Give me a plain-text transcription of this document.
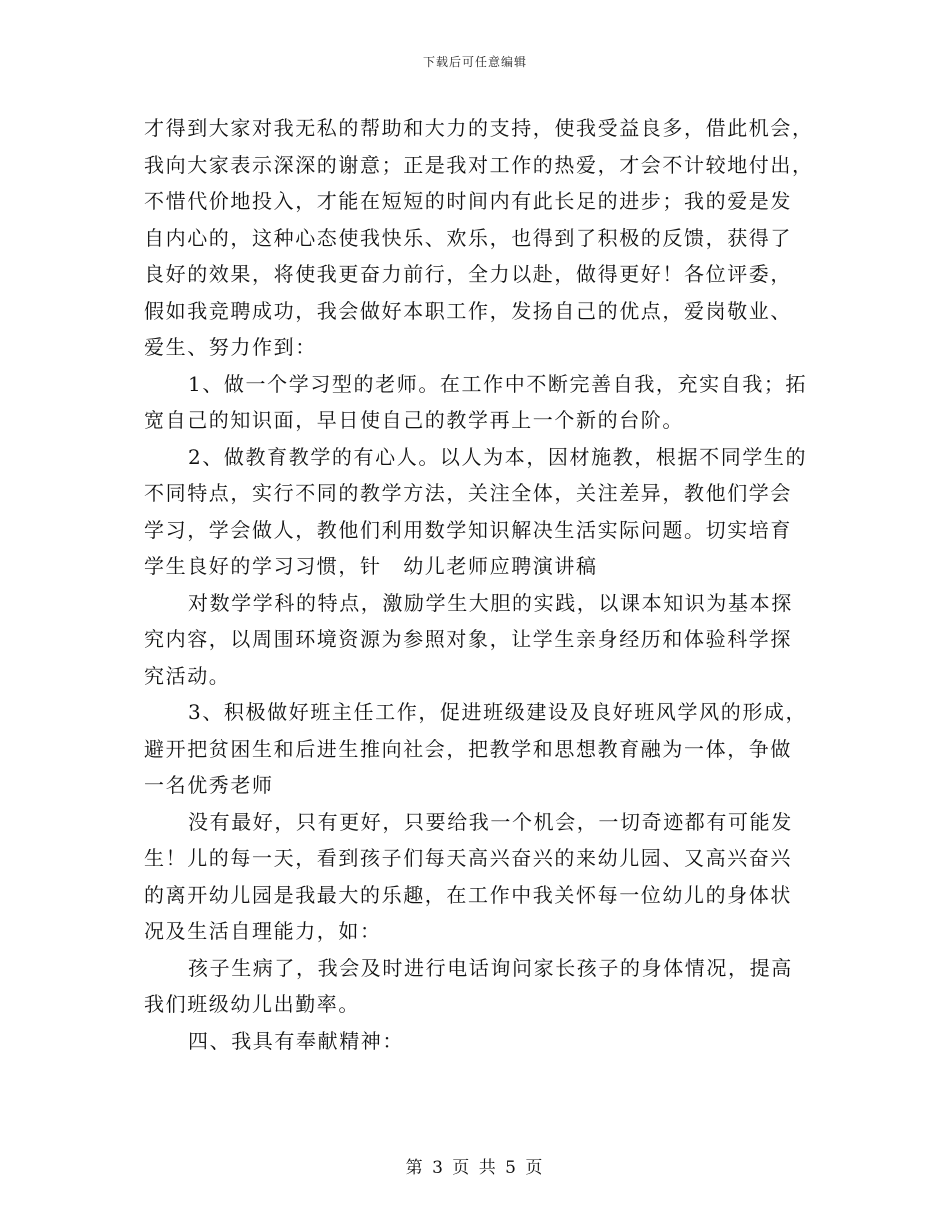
下载后可任意编辑
才得到大家对我无私的帮助和大力的支持，使我受益良多，借此机会，
我向大家表示深深的谢意；正是我对工作的热爱，才会不计较地付出，
不惜代价地投入，才能在短短的时间内有此长足的进步；我的爱是发
自内心的，这种心态使我快乐、欢乐，也得到了积极的反馈，获得了
良好的效果，将使我更奋力前行，全力以赴，做得更好！各位评委，
假如我竞聘成功，我会做好本职工作，发扬自己的优点，爱岗敬业、
爱生、努力作到：
1、做一个学习型的老师。在工作中不断完善自我，充实自我；拓
宽自己的知识面，早日使自己的教学再上一个新的台阶。
2、做教育教学的有心人。以人为本，因材施教，根据不同学生的
不同特点，实行不同的教学方法，关注全体，关注差异，教他们学会
学习，学会做人，教他们利用数学知识解决生活实际问题。切实培育
学生良好的学习习惯，针　幼儿老师应聘演讲稿
对数学学科的特点，激励学生大胆的实践，以课本知识为基本探
究内容，以周围环境资源为参照对象，让学生亲身经历和体验科学探
究活动。
3、积极做好班主任工作，促进班级建设及良好班风学风的形成，
避开把贫困生和后进生推向社会，把教学和思想教育融为一体，争做
一名优秀老师
没有最好，只有更好，只要给我一个机会，一切奇迹都有可能发
生！儿的每一天，看到孩子们每天高兴奋兴的来幼儿园、又高兴奋兴
的离开幼儿园是我最大的乐趣，在工作中我关怀每一位幼儿的身体状
况及生活自理能力，如：
孩子生病了，我会及时进行电话询问家长孩子的身体情况，提高
我们班级幼儿出勤率。
四、我具有奉献精神：
第 3 页 共 5 页
